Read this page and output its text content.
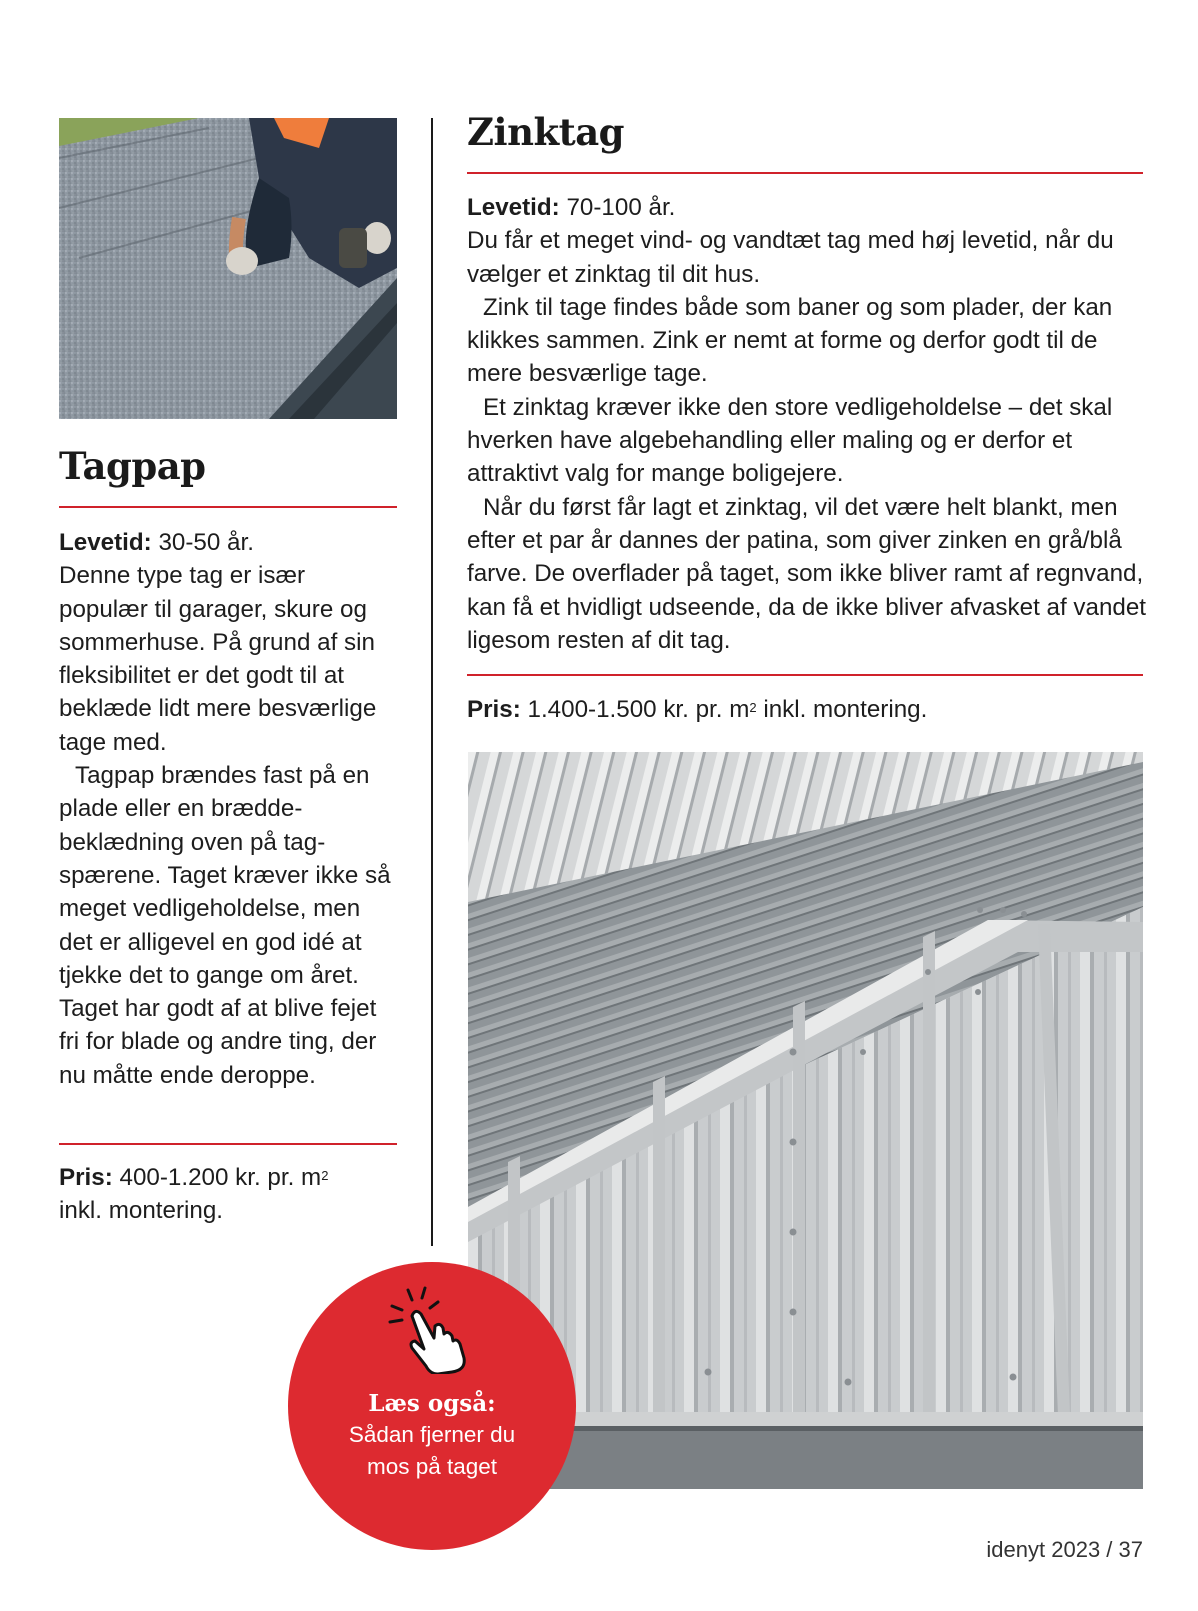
Tagpap

Levetid: 30-50 år.

Denne type tag er især populær til garager, skure og sommerhuse. På grund af sin fleksibilitet er det godt til at beklæde lidt mere besværlige tage med.

Tagpap brændes fast på en plade eller en bræddebeklædning oven på tagspærene. Taget kræver ikke så meget vedligeholdelse, men det er alligevel en god idé at tjekke det to gange om året. Taget har godt af at blive fejet fri for blade og andre ting, der nu måtte ende deroppe.

Pris: 400-1.200 kr. pr. $m^2$
inkl. montering.
Zinktag

Levetid: 70-100 år.

Du får et meget vind- og vandtæt tag med høj levetid, når du vælger et zinktag til dit hus.

Zink til tage findes både som baner og som plader, der kan klikkes sammen. Zink er nemt at forme og derfor godt til de mere besværlige tage.

Et zinktag kræver ikke den store vedligeholdelse – det skal hverken have algebehandling eller maling og er derfor et attraktivt valg for mange boligejere.

Når du først får lagt et zinktag, vil det være helt blankt, men efter et par år dannes der patina, som giver zinken en grå/blå farve. De overflader på taget, som ikke bliver ramt af regnvand, kan få et hvidligt udseende, da de ikke bliver afvasket af vandet ligesom resten af dit tag.

Pris: 1.400-1.500 kr. pr. $m^2$ inkl. montering.
Læs også:
Sådan fjerner du
mos på taget
idenyt 2023 / 37
